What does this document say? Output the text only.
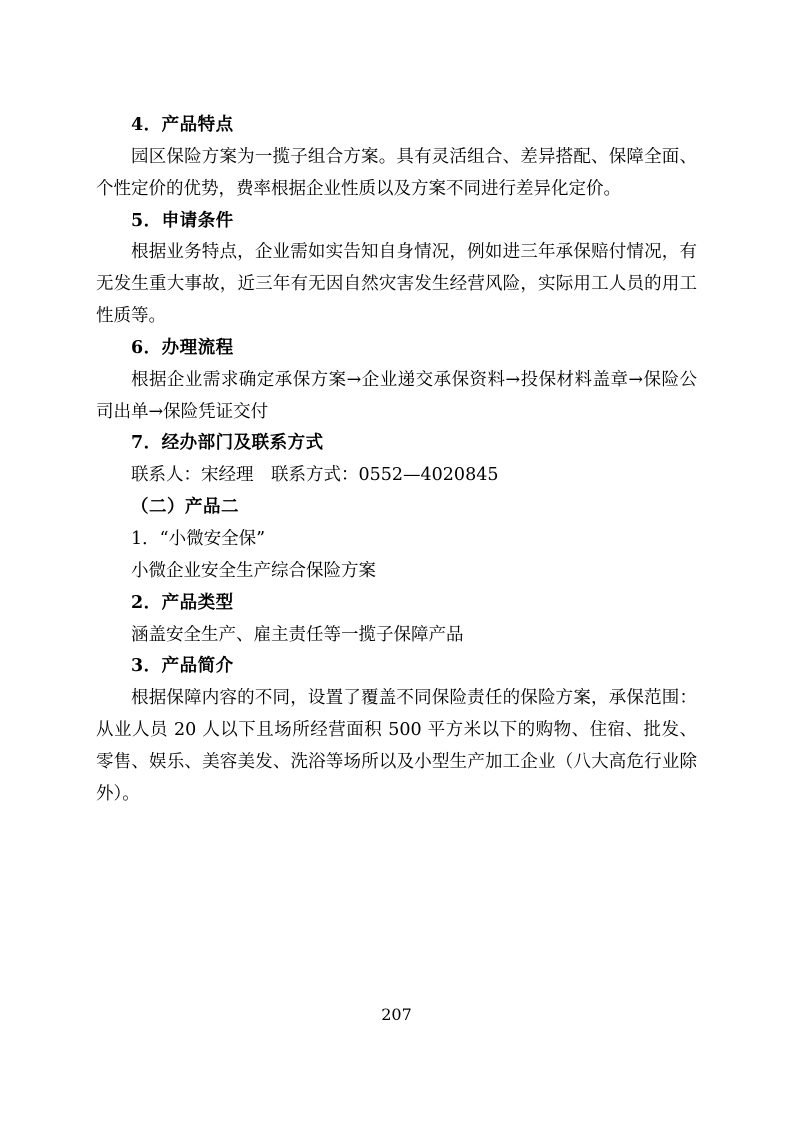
4．产品特点

园区保险方案为一揽子组合方案。具有灵活组合、差异搭配、保障全面、个性定价的优势，费率根据企业性质以及方案不同进行差异化定价。

5．申请条件

根据业务特点，企业需如实告知自身情况，例如进三年承保赔付情况，有无发生重大事故，近三年有无因自然灾害发生经营风险，实际用工人员的用工性质等。

6．办理流程

根据企业需求确定承保方案→企业递交承保资料→投保材料盖章→保险公司出单→保险凭证交付

7．经办部门及联系方式

联系人：宋经理　联系方式：0552—4020845

（二）产品二

1．“小微安全保”

小微企业安全生产综合保险方案

2．产品类型

涵盖安全生产、雇主责任等一揽子保障产品

3．产品简介

根据保障内容的不同，设置了覆盖不同保险责任的保险方案，承保范围：从业人员 20 人以下且场所经营面积 500 平方米以下的购物、住宿、批发、零售、娱乐、美容美发、洗浴等场所以及小型生产加工企业（八大高危行业除外）。

207
